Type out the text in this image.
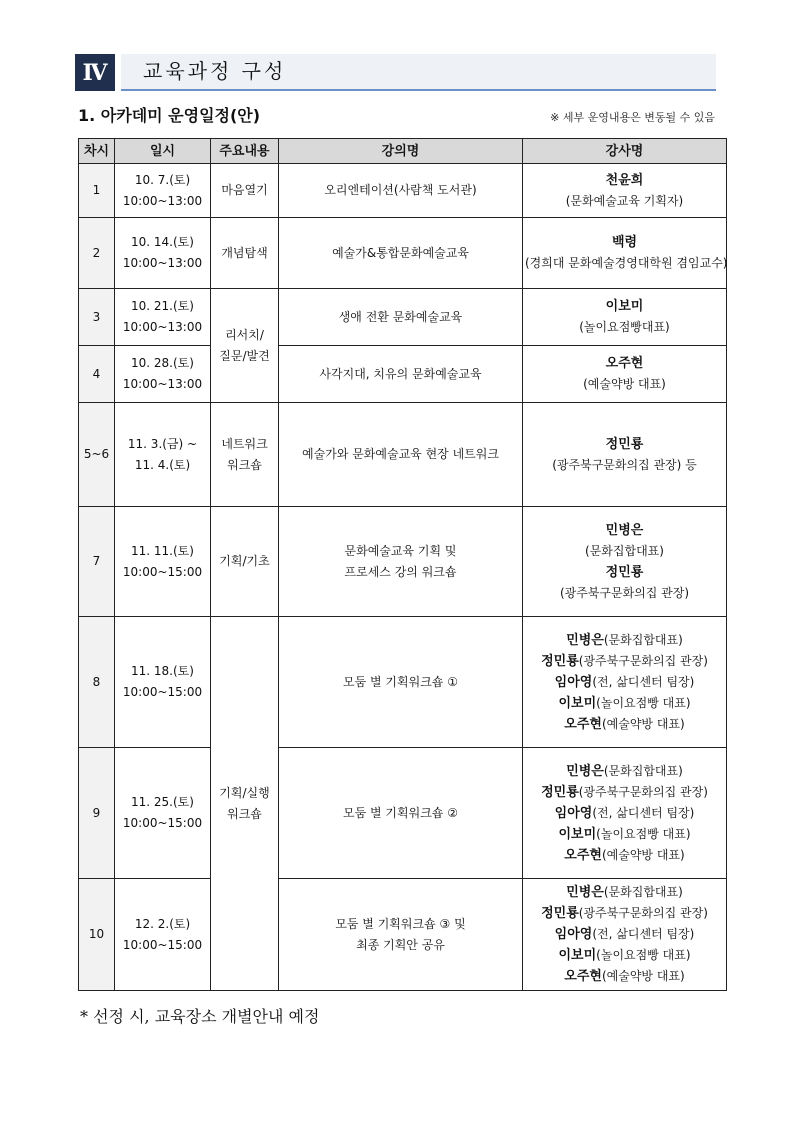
Ⅳ	교육과정 구성
1. 아카데미 운영일정(안)	※ 세부 운영내용은 변동될 수 있음
차시	일시	주요내용	강의명	강사명
1	10. 7.(토)
10:00~13:00	마음열기	오리엔테이션(사람책 도서관)	천윤희
(문화예술교육 기획자)

2	10. 14.(토)
10:00~13:00	개념탐색	예술가&통합문화예술교육	백령
(경희대 문화예술경영대학원 겸임교수)

3	10. 21.(토)
10:00~13:00	리서치/
질문/발견	생애 전환 문화예술교육	이보미
(놀이요점빵대표)

4	10. 28.(토)
10:00~13:00		사각지대, 치유의 문화예술교육	오주현
(예술약방 대표)

5~6	11. 3.(금) ~
11. 4.(토)	네트워크
워크숍	예술가와 문화예술교육 현장 네트워크	정민룡
(광주북구문화의집 관장) 등

7	11. 11.(토)
10:00~15:00	기획/기초	문화예술교육 기획 및
프로세스 강의 워크숍	민병은
(문화집합대표)
정민룡
(광주북구문화의집 관장)

8	11. 18.(토)
10:00~15:00	기획/실행
워크숍	모둠 별 기획워크숍 ①	민병은(문화집합대표)
정민룡(광주북구문화의집 관장)
임아영(전, 삶디센터 팀장)
이보미(놀이요점빵 대표)
오주현(예술약방 대표)

9	11. 25.(토)
10:00~15:00		모둠 별 기획워크숍 ②	민병은(문화집합대표)
정민룡(광주북구문화의집 관장)
임아영(전, 삶디센터 팀장)
이보미(놀이요점빵 대표)
오주현(예술약방 대표)

10	12. 2.(토)
10:00~15:00		모둠 별 기획워크숍 ③ 및
최종 기획안 공유	민병은(문화집합대표)
정민룡(광주북구문화의집 관장)
임아영(전, 삶디센터 팀장)
이보미(놀이요점빵 대표)
오주현(예술약방 대표)
* 선정 시, 교육장소 개별안내 예정
